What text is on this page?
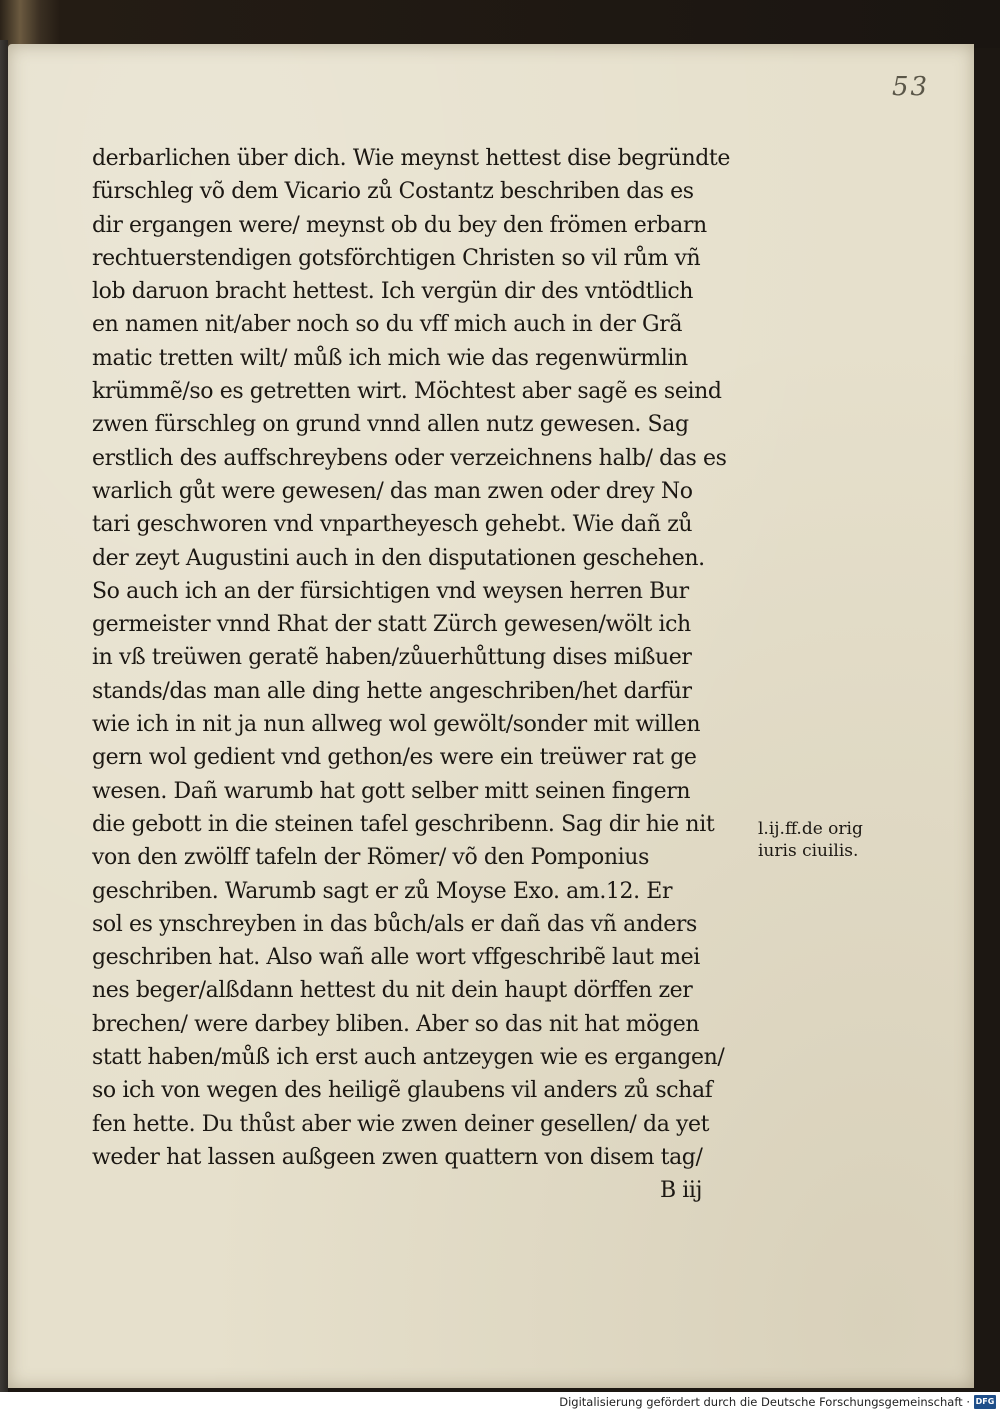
53
derbarlichen über dich. Wie meynst hettest dise begründte
fürschleg võ dem Vicario zů Costantz beschriben das es
dir ergangen were/ meynst ob du bey den frömen erbarn
rechtuerstendigen gotsförchtigen Christen so vil rům vñ
lob daruon bracht hettest. Ich vergün dir des vntödtlich
en namen nit/aber noch so du vff mich auch in der Grã
matic tretten wilt/ můß ich mich wie das regenwürmlin
krümmẽ/so es getretten wirt. Möchtest aber sagẽ es seind
zwen fürschleg on grund vnnd allen nutz gewesen. Sag
erstlich des auffschreybens oder verzeichnens halb/ das es
warlich gůt were gewesen/ das man zwen oder drey No
tari geschworen vnd vnpartheyesch gehebt. Wie dañ zů
der zeyt Augustini auch in den disputationen geschehen.
So auch ich an der fürsichtigen vnd weysen herren Bur
germeister vnnd Rhat der statt Zürch gewesen/wölt ich
in vß treüwen geratẽ haben/zůuerhůttung dises mißuer
stands/das man alle ding hette angeschriben/het darfür
wie ich in nit ja nun allweg wol gewölt/sonder mit willen
gern wol gedient vnd gethon/es were ein treüwer rat ge
wesen. Dañ warumb hat gott selber mitt seinen fingern
die gebott in die steinen tafel geschribenn. Sag dir hie nit
von den zwölff tafeln der Römer/ võ den Pomponius
geschriben. Warumb sagt er zů Moyse Exo. am.12. Er
sol es ynschreyben in das bůch/als er dañ das vñ anders
geschriben hat. Also wañ alle wort vffgeschribẽ laut mei
nes beger/alßdann hettest du nit dein haupt dörffen zer
brechen/ were darbey bliben. Aber so das nit hat mögen
statt haben/můß ich erst auch antzeygen wie es ergangen/
so ich von wegen des heiligẽ glaubens vil anders zů schaf
fen hette. Du thůst aber wie zwen deiner gesellen/ da yet
weder hat lassen außgeen zwen quattern von disem tag/
B iij
l.ij.ff.de orig
iuris ciuilis.
Digitalisierung gefördert durch die Deutsche Forschungsgemeinschaft · DFG
